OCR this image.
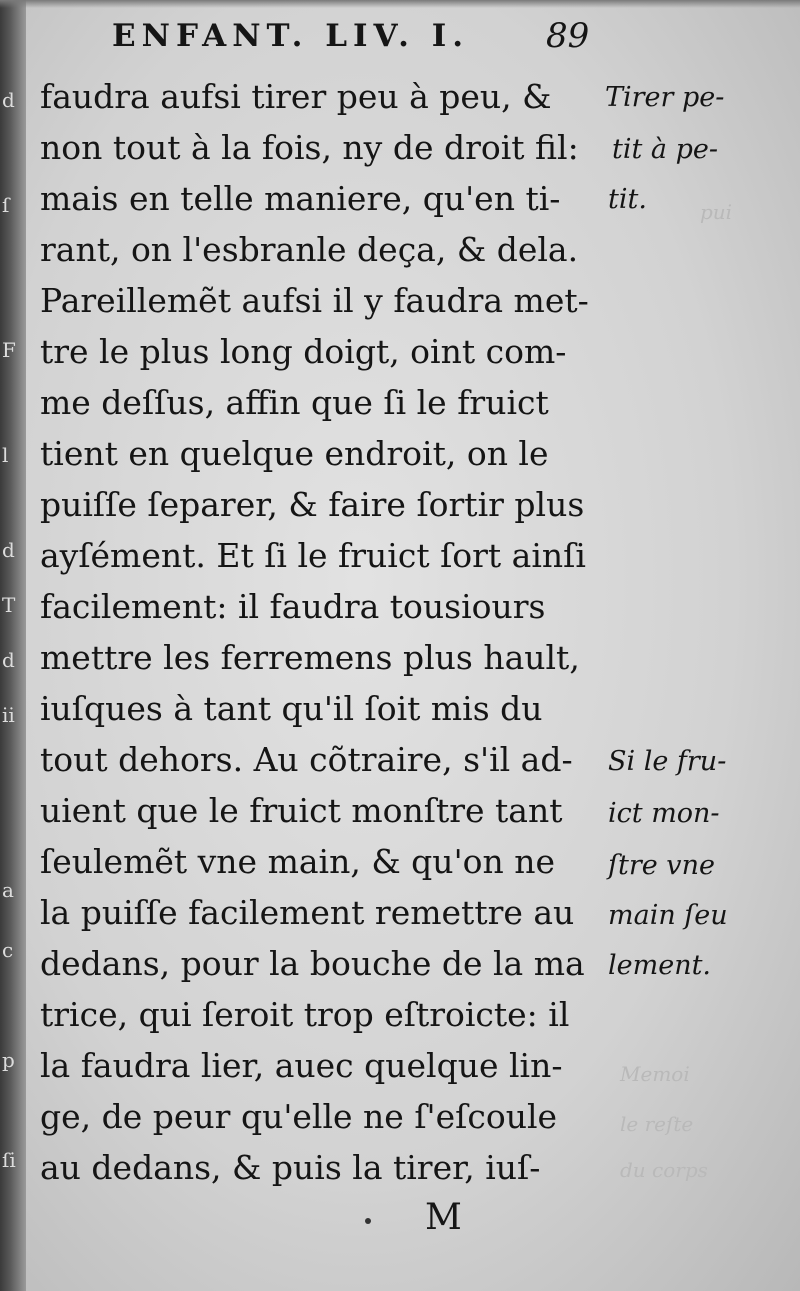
d
ſ
F
l
d
T
d
ii
a
c
p
ſi
pui
Memoi
le reſte
du corps
ENFANT. LIV. I. 89
faudra aufsi tirer peu à peu, &
non tout à la fois, ny de droit fil:
mais en telle maniere, qu'en ti-
rant, on l'esbranle deça, & dela.
Pareillemẽt aufsi il y faudra met-
tre le plus long doigt, oint com-
me deſſus, affin que ſi le fruict
tient en quelque endroit, on le
puiſſe ſeparer, & faire ſortir plus
ayſément. Et ſi le fruict ſort ainſi
facilement: il faudra tousiours
mettre les ferremens plus hault,
iuſques à tant qu'il ſoit mis du
tout dehors. Au cõtraire, s'il ad-
uient que le fruict monſtre tant
ſeulemẽt vne main, & qu'on ne
la puiſſe facilement remettre au
dedans, pour la bouche de la ma
trice, qui ſeroit trop eſtroicte: il
la faudra lier, auec quelque lin-
ge, de peur qu'elle ne ſ'eſcoule
au dedans, & puis la tirer, iuſ-
Tirer pe-
tit à pe-
tit.
Si le fru-
ict mon-
ſtre vne
main ſeu
lement.
M
